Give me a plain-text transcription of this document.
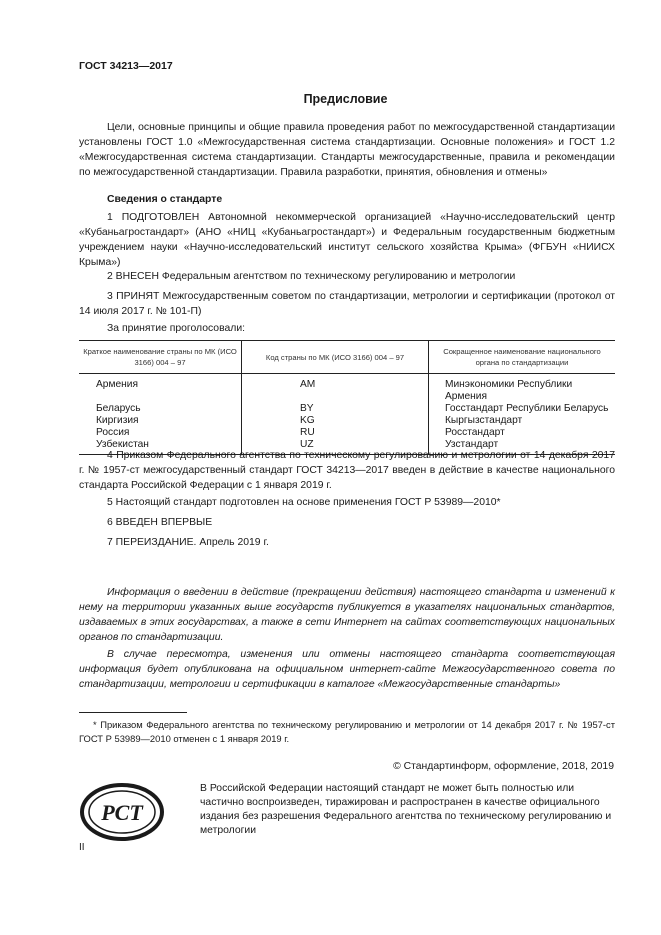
ГОСТ 34213—2017
Предисловие
Цели, основные принципы и общие правила проведения работ по межгосударственной стандартизации установлены ГОСТ 1.0 «Межгосударственная система стандартизации. Основные положения» и ГОСТ 1.2 «Межгосударственная система стандартизации. Стандарты межгосударственные, правила и рекомендации по межгосударственной стандартизации. Правила разработки, принятия, обновления и отмены»
Сведения о стандарте
1 ПОДГОТОВЛЕН Автономной некоммерческой организацией «Научно-исследовательский центр «Кубаньагростандарт» (АНО «НИЦ «Кубаньагростандарт») и Федеральным государственным бюджетным учреждением науки «Научно-исследовательский институт сельского хозяйства Крыма» (ФГБУН «НИИСХ Крыма»)
2 ВНЕСЕН Федеральным агентством по техническому регулированию и метрологии
3 ПРИНЯТ Межгосударственным советом по стандартизации, метрологии и сертификации (протокол от 14 июля 2017 г. № 101-П)
За принятие проголосовали:
Краткое наименование страны по МК (ИСО 3166) 004 – 97	Код страны по МК (ИСО 3166) 004 – 97	Сокращенное наименование национального органа по стандартизации
Армения	AM	Минэкономики Республики Армения
Беларусь	BY	Госстандарт Республики Беларусь
Киргизия	KG	Кыргызстандарт
Россия	RU	Росстандарт
Узбекистан	UZ	Узстандарт
4 Приказом Федерального агентства по техническому регулированию и метрологии от 14 декабря 2017 г. № 1957-ст межгосударственный стандарт ГОСТ 34213—2017 введен в действие в качестве национального стандарта Российской Федерации с 1 января 2019 г.
5 Настоящий стандарт подготовлен на основе применения ГОСТ Р 53989—2010*
6 ВВЕДЕН ВПЕРВЫЕ
7 ПЕРЕИЗДАНИЕ. Апрель 2019 г.
Информация о введении в действие (прекращении действия) настоящего стандарта и изменений к нему на территории указанных выше государств публикуется в указателях национальных стандартов, издаваемых в этих государствах, а также в сети Интернет на сайтах соответствующих национальных органов по стандартизации.
В случае пересмотра, изменения или отмены настоящего стандарта соответствующая информация будет опубликована на официальном интернет-сайте Межгосударственного совета по стандартизации, метрологии и сертификации в каталоге «Межгосударственные стандарты»
* Приказом Федерального агентства по техническому регулированию и метрологии от 14 декабря 2017 г. № 1957-ст ГОСТ Р 53989—2010 отменен с 1 января 2019 г.
© Стандартинформ, оформление, 2018, 2019
РСТ
В Российской Федерации настоящий стандарт не может быть полностью или частично воспроизведен, тиражирован и распространен в качестве официального издания без разрешения Федерального агентства по техническому регулированию и метрологии
II
